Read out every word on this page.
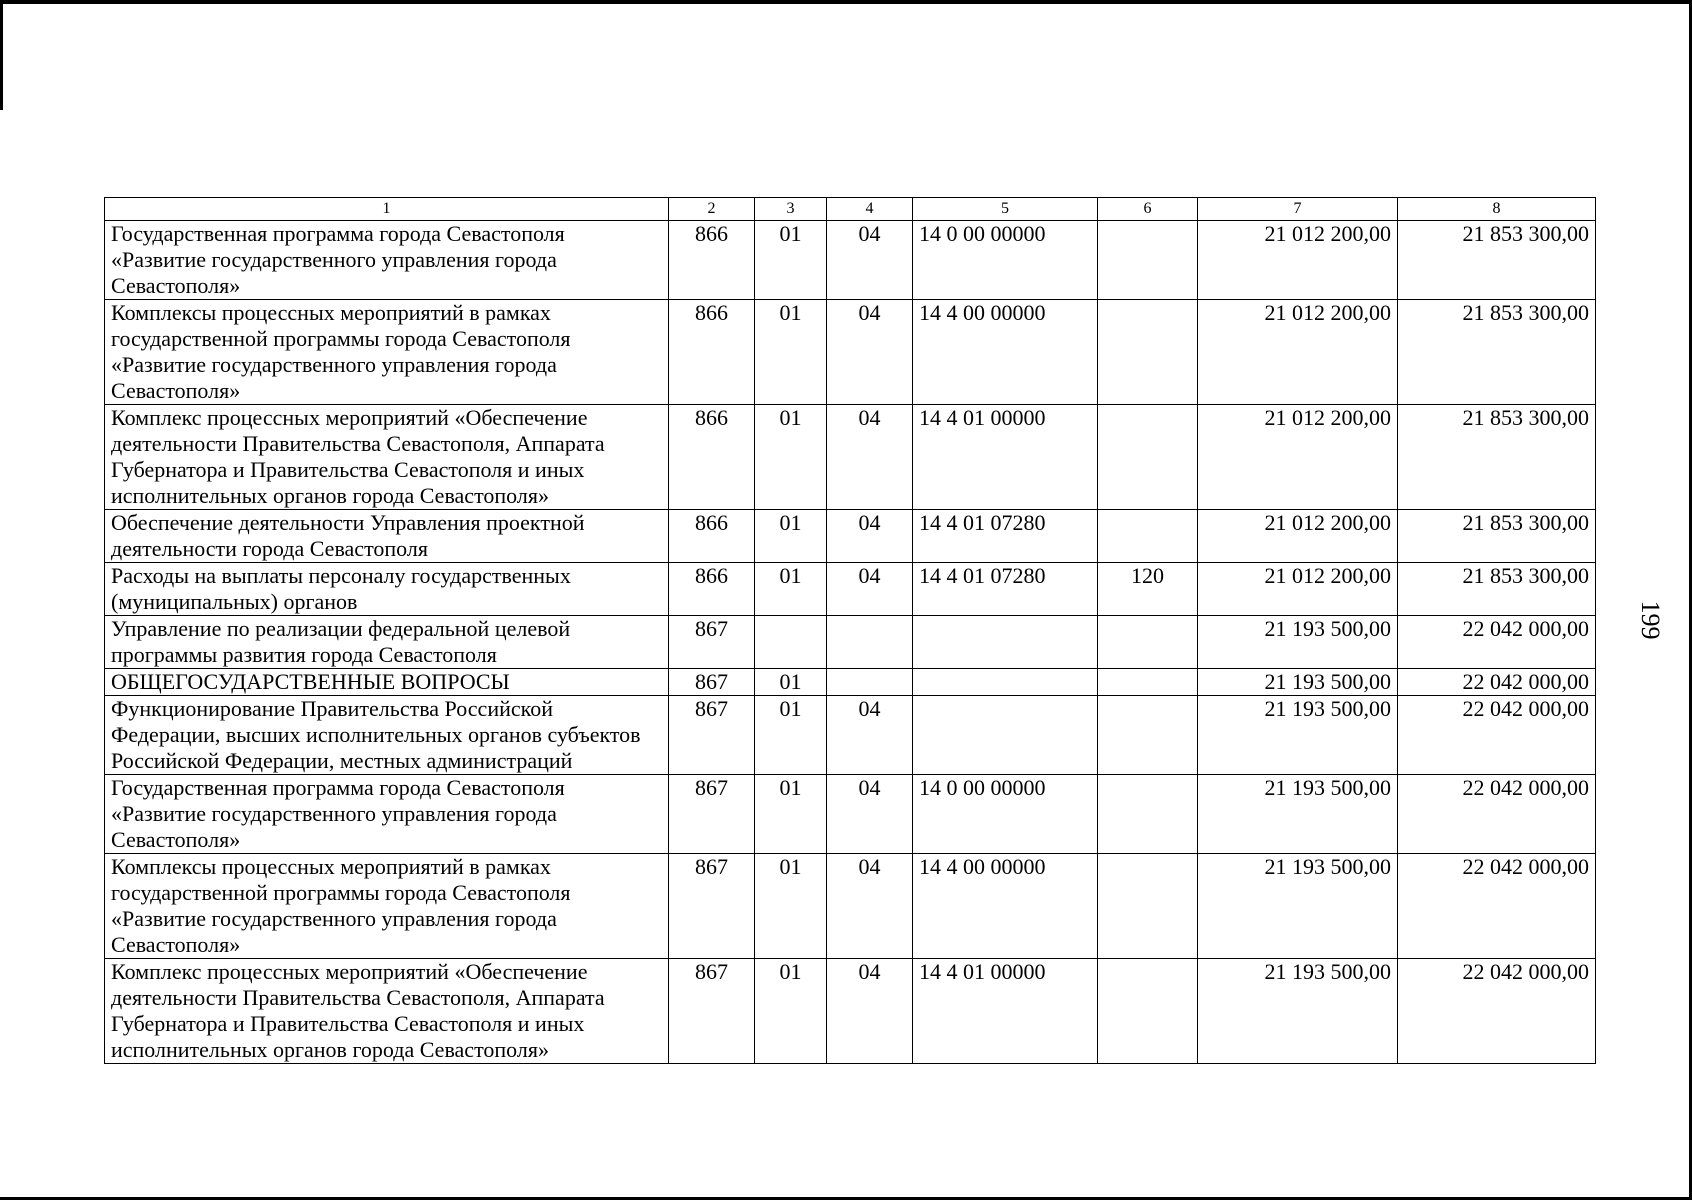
1	2	3	4	5	6	7	8
Государственная программа города Севастополя «Развитие государственного управления города Севастополя»	866	01	04	14 0 00 00000		21 012 200,00	21 853 300,00
Комплексы процессных мероприятий в рамках государственной программы города Севастополя «Развитие государственного управления города Севастополя»	866	01	04	14 4 00 00000		21 012 200,00	21 853 300,00
Комплекс процессных мероприятий «Обеспечение деятельности Правительства Севастополя, Аппарата Губернатора и Правительства Севастополя и иных исполнительных органов города Севастополя»	866	01	04	14 4 01 00000		21 012 200,00	21 853 300,00
Обеспечение деятельности Управления проектной деятельности города Севастополя	866	01	04	14 4 01 07280		21 012 200,00	21 853 300,00
Расходы на выплаты персоналу государственных (муниципальных) органов	866	01	04	14 4 01 07280	120	21 012 200,00	21 853 300,00
Управление по реализации федеральной целевой программы развития города Севастополя	867					21 193 500,00	22 042 000,00
ОБЩЕГОСУДАРСТВЕННЫЕ ВОПРОСЫ	867	01				21 193 500,00	22 042 000,00
Функционирование Правительства Российской Федерации, высших исполнительных органов субъектов Российской Федерации, местных администраций	867	01	04			21 193 500,00	22 042 000,00
Государственная программа города Севастополя «Развитие государственного управления города Севастополя»	867	01	04	14 0 00 00000		21 193 500,00	22 042 000,00
Комплексы процессных мероприятий в рамках государственной программы города Севастополя «Развитие государственного управления города Севастополя»	867	01	04	14 4 00 00000		21 193 500,00	22 042 000,00
Комплекс процессных мероприятий «Обеспечение деятельности Правительства Севастополя, Аппарата Губернатора и Правительства Севастополя и иных исполнительных органов города Севастополя»	867	01	04	14 4 01 00000		21 193 500,00	22 042 000,00
199
